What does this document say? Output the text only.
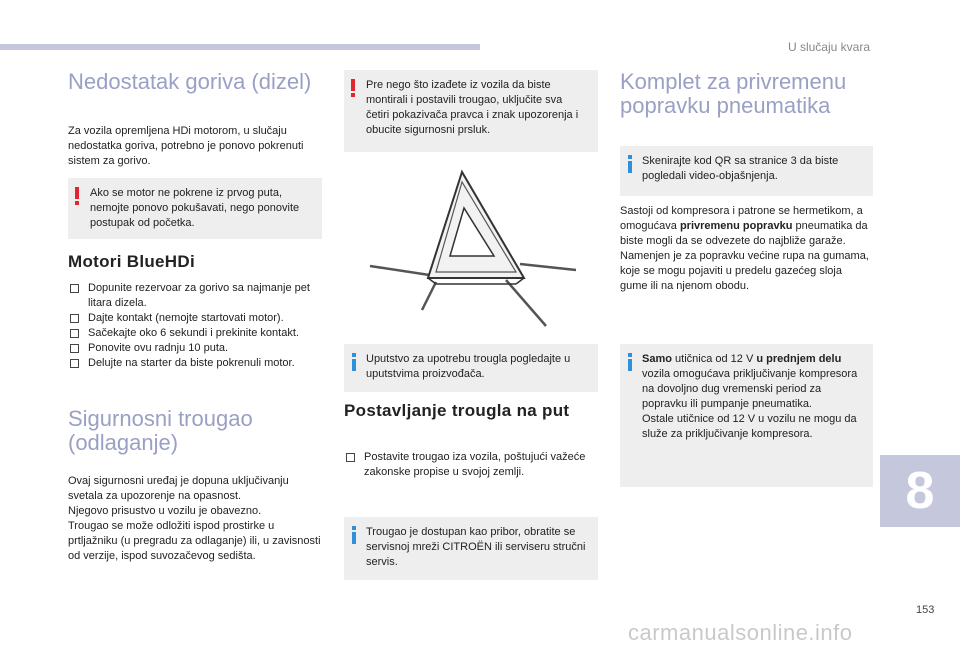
U slučaju kvara
Nedostatak goriva (dizel)

Za vozila opremljena HDi motorom, u slučaju nedostatka goriva, potrebno je ponovo pokrenuti sistem za gorivo.

Ako se motor ne pokrene iz prvog puta, nemojte ponovo pokušavati, nego ponovite postupak od početka.
Motori BlueHDi
Dopunite rezervoar za gorivo sa najmanje pet litara dizela.
Dajte kontakt (nemojte startovati motor).
Sačekajte oko 6 sekundi i prekinite kontakt.
Ponovite ovu radnju 10 puta.
Delujte na starter da biste pokrenuli motor.
Sigurnosni trougao
(odlaganje)

Ovaj sigurnosni uređaj je dopuna uključivanju svetala za upozorenje na opasnost.
Njegovo prisustvo u vozilu je obavezno.
Trougao se može odložiti ispod prostirke u prtljažniku (u pregradu za odlaganje) ili, u zavisnosti od verzije, ispod suvozačevog sedišta.

Pre nego što izađete iz vozila da biste montirali i postavili trougao, uključite sva četiri pokazivača pravca i znak upozorenja i obucite sigurnosni prsluk.
Uputstvo za upotrebu trougla pogledajte u uputstvima proizvođača.
Postavljanje trougla na put
Postavite trougao iza vozila, poštujući važeće zakonske propise u svojoj zemlji.
Trougao je dostupan kao pribor, obratite se servisnoj mreži CITROËN ili serviseru stručni servis.
Komplet za privremenu
popravku pneumatika
Skenirajte kod QR sa stranice 3 da biste pogledali video-objašnjenja.

Sastoji od kompresora i patrone se hermetikom, a omogućava privremenu popravku pneumatika da biste mogli da se odvezete do najbliže garaže.
Namenjen je za popravku većine rupa na gumama, koje se mogu pojaviti u predelu gazećeg sloja gume ili na njenom obodu.

Samo utičnica od 12 V u prednjem delu vozila omogućava priključivanje kompresora na dovoljno dug vremenski period za popravku ili pumpanje pneumatika.
Ostale utičnice od 12 V u vozilu ne mogu da služe za priključivanje kompresora.
8
153
carmanualsonline.info
